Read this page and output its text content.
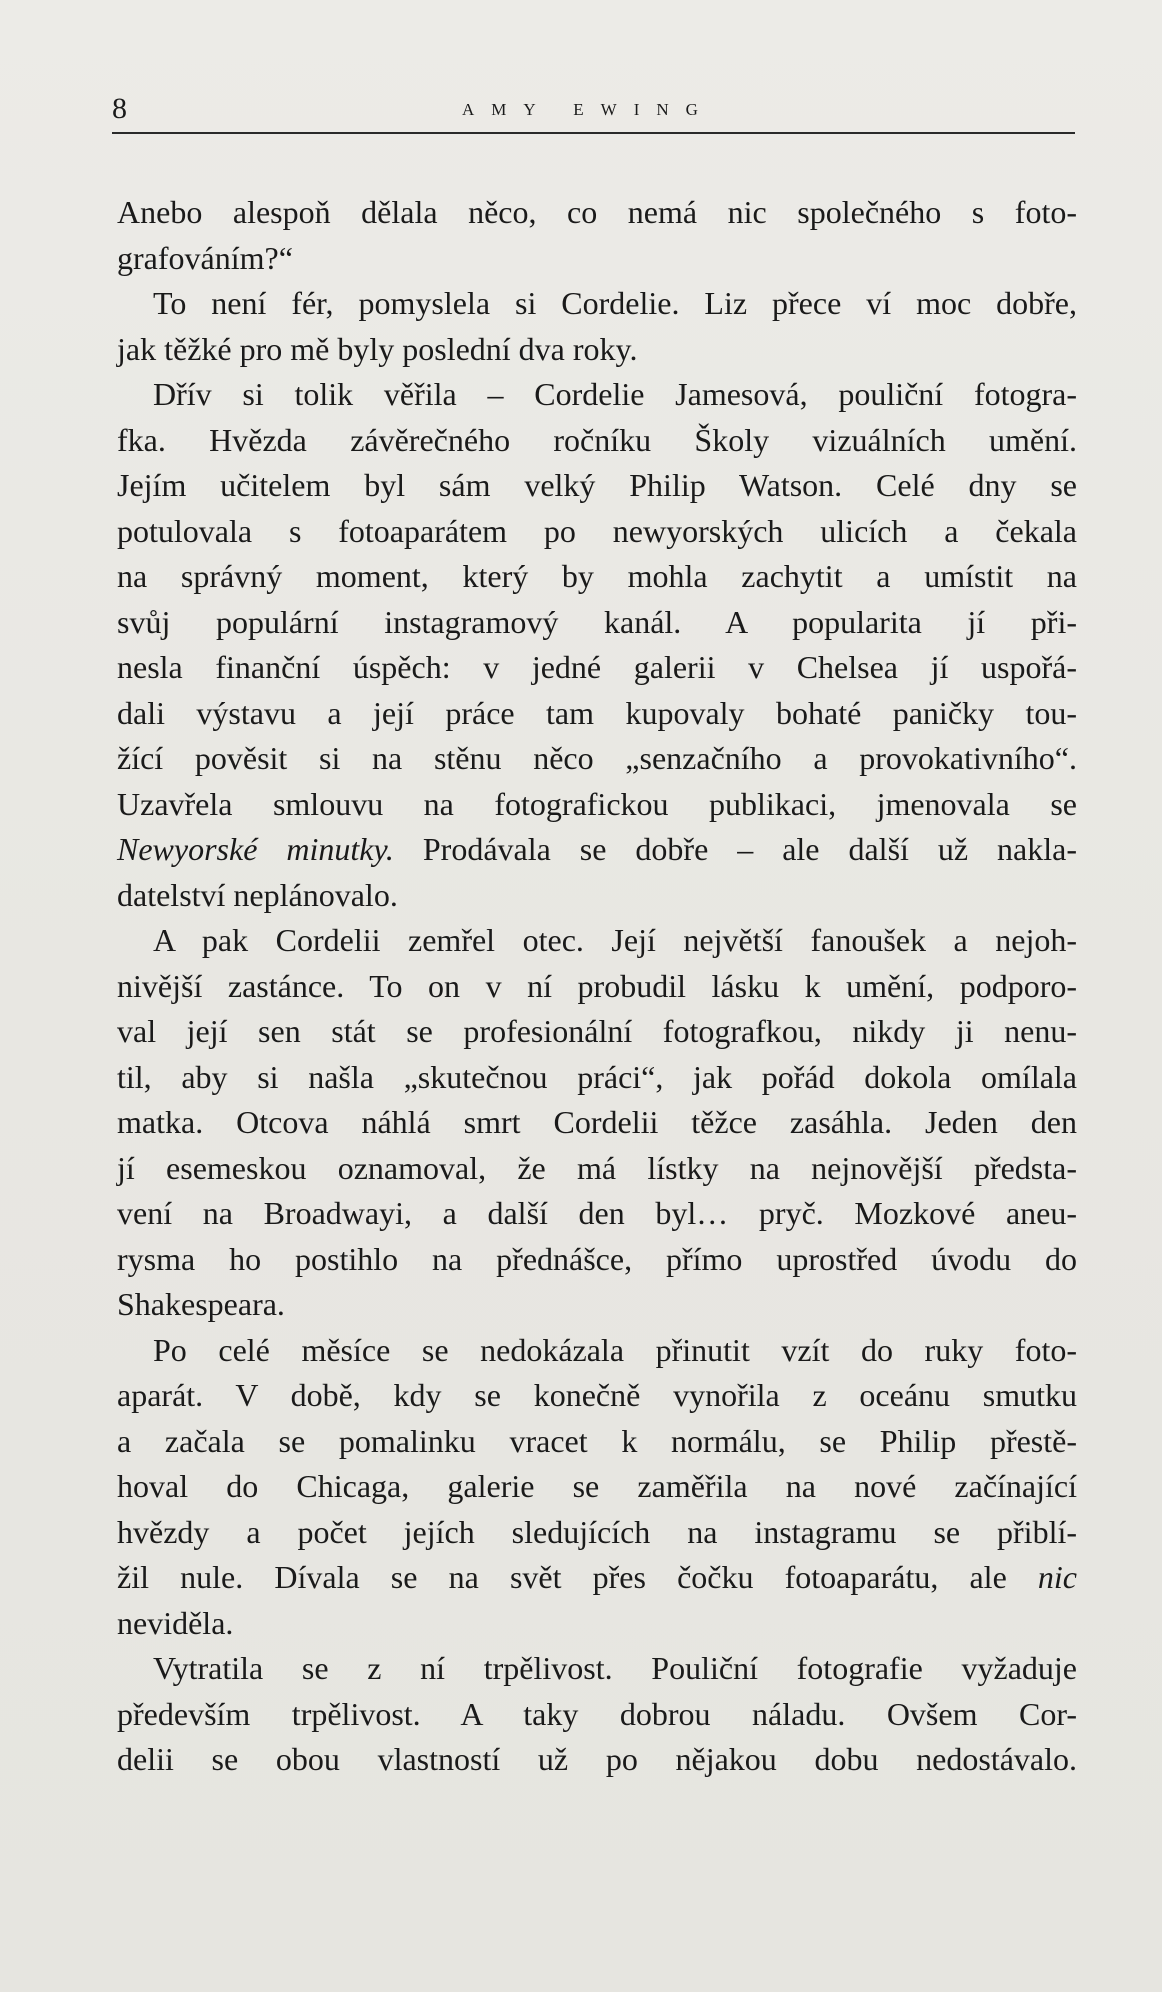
8	AMY EWING
Anebo alespoň dělala něco, co nemá nic společného s foto-
grafováním?“
To není fér, pomyslela si Cordelie. Liz přece ví moc dobře,
jak těžké pro mě byly poslední dva roky.
Dřív si tolik věřila – Cordelie Jamesová, pouliční fotogra-
fka. Hvězda závěrečného ročníku Školy vizuálních umění.
Jejím učitelem byl sám velký Philip Watson. Celé dny se
potulovala s fotoaparátem po newyorských ulicích a čekala
na správný moment, který by mohla zachytit a umístit na
svůj populární instagramový kanál. A popularita jí při-
nesla finanční úspěch: v jedné galerii v Chelsea jí uspořá-
dali výstavu a její práce tam kupovaly bohaté paničky tou-
žící pověsit si na stěnu něco „senzačního a provokativního“.
Uzavřela smlouvu na fotografickou publikaci, jmenovala se
Newyorské minutky. Prodávala se dobře – ale další už nakla-
datelství neplánovalo.
A pak Cordelii zemřel otec. Její největší fanoušek a nejoh-
nivější zastánce. To on v ní probudil lásku k umění, podporo-
val její sen stát se profesionální fotografkou, nikdy ji nenu-
til, aby si našla „skutečnou práci“, jak pořád dokola omílala
matka. Otcova náhlá smrt Cordelii těžce zasáhla. Jeden den
jí esemeskou oznamoval, že má lístky na nejnovější předsta-
vení na Broadwayi, a další den byl… pryč. Mozkové aneu-
rysma ho postihlo na přednášce, přímo uprostřed úvodu do
Shakespeara.
Po celé měsíce se nedokázala přinutit vzít do ruky foto-
aparát. V době, kdy se konečně vynořila z oceánu smutku
a začala se pomalinku vracet k normálu, se Philip přestě-
hoval do Chicaga, galerie se zaměřila na nové začínající
hvězdy a počet jejích sledujících na instagramu se přiblí-
žil nule. Dívala se na svět přes čočku fotoaparátu, ale nic
neviděla.
Vytratila se z ní trpělivost. Pouliční fotografie vyžaduje
především trpělivost. A taky dobrou náladu. Ovšem Cor-
delii se obou vlastností už po nějakou dobu nedostávalo.
